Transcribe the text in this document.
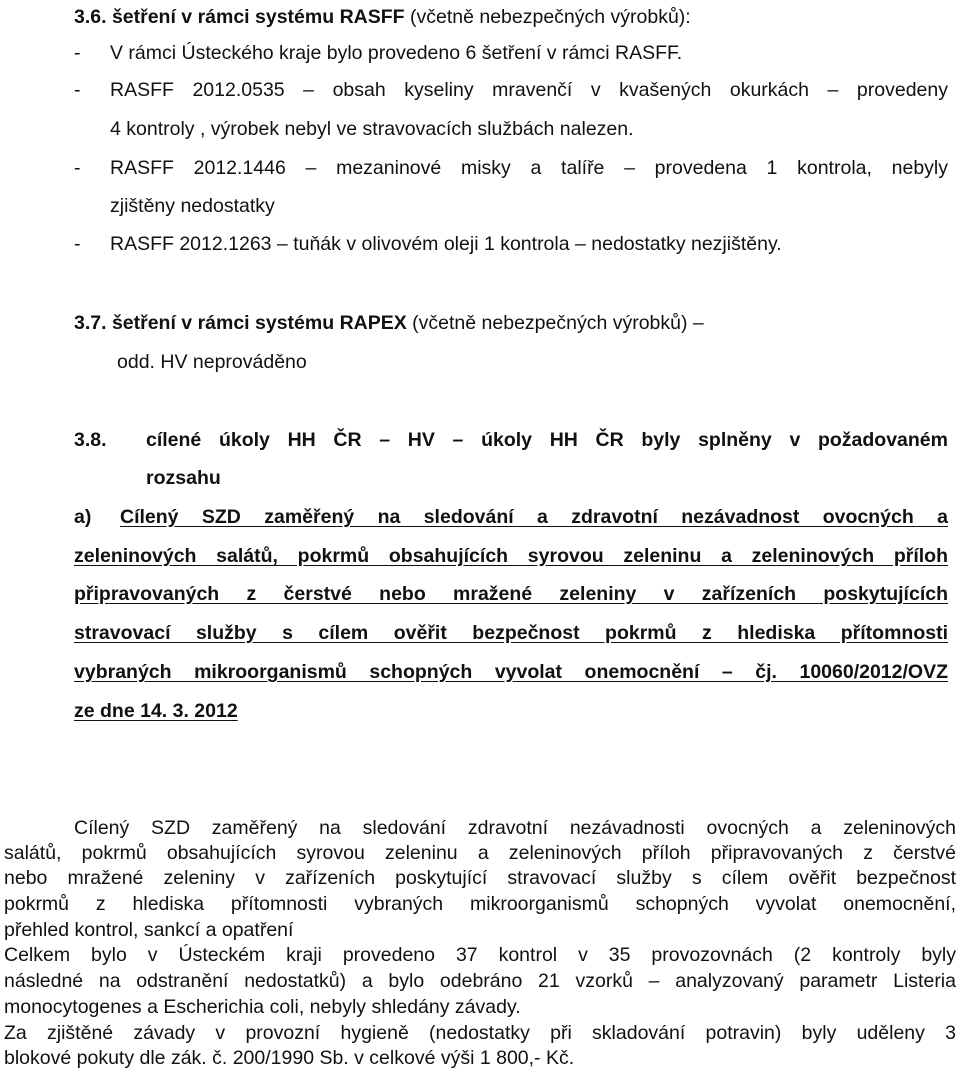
3.6. šetření v rámci systému RASFF (včetně nebezpečných výrobků):

- V rámci Ústeckého kraje bylo provedeno 6 šetření v rámci RASFF.

- RASFF 2012.0535 – obsah kyseliny mravenčí v kvašených okurkách – provedeny

4 kontroly , výrobek nebyl ve stravovacích službách nalezen.

- RASFF 2012.1446 – mezaninové misky a talíře – provedena 1 kontrola, nebyly

zjištěny nedostatky

- RASFF 2012.1263 – tuňák v olivovém oleji 1 kontrola – nedostatky nezjištěny.

3.7. šetření v rámci systému RAPEX (včetně nebezpečných výrobků) –

odd. HV neprováděno

3.8. cílené úkoly HH ČR – HV – úkoly HH ČR byly splněny v požadovaném

rozsahu

a) Cílený SZD zaměřený na sledování a zdravotní nezávadnost ovocných a

zeleninových salátů, pokrmů obsahujících syrovou zeleninu a zeleninových příloh

připravovaných z čerstvé nebo mražené zeleniny v zařízeních poskytujících

stravovací služby s cílem ověřit bezpečnost pokrmů z hlediska přítomnosti

vybraných mikroorganismů schopných vyvolat onemocnění – čj. 10060/2012/OVZ

ze dne 14. 3. 2012

Cílený SZD zaměřený na sledování zdravotní nezávadnosti ovocných a zeleninových

salátů, pokrmů obsahujících syrovou zeleninu a zeleninových příloh připravovaných z čerstvé

nebo mražené zeleniny v zařízeních poskytující stravovací služby s cílem ověřit bezpečnost

pokrmů z hlediska přítomnosti vybraných mikroorganismů schopných vyvolat onemocnění,

přehled kontrol, sankcí a opatření

Celkem bylo v Ústeckém kraji provedeno 37 kontrol v 35 provozovnách (2 kontroly byly

následné na odstranění nedostatků) a bylo odebráno 21 vzorků – analyzovaný parametr Listeria

monocytogenes a Escherichia coli, nebyly shledány závady.

Za zjištěné závady v provozní hygieně (nedostatky při skladování potravin) byly uděleny 3

blokové pokuty dle zák. č. 200/1990 Sb. v celkové výši 1 800,- Kč.
